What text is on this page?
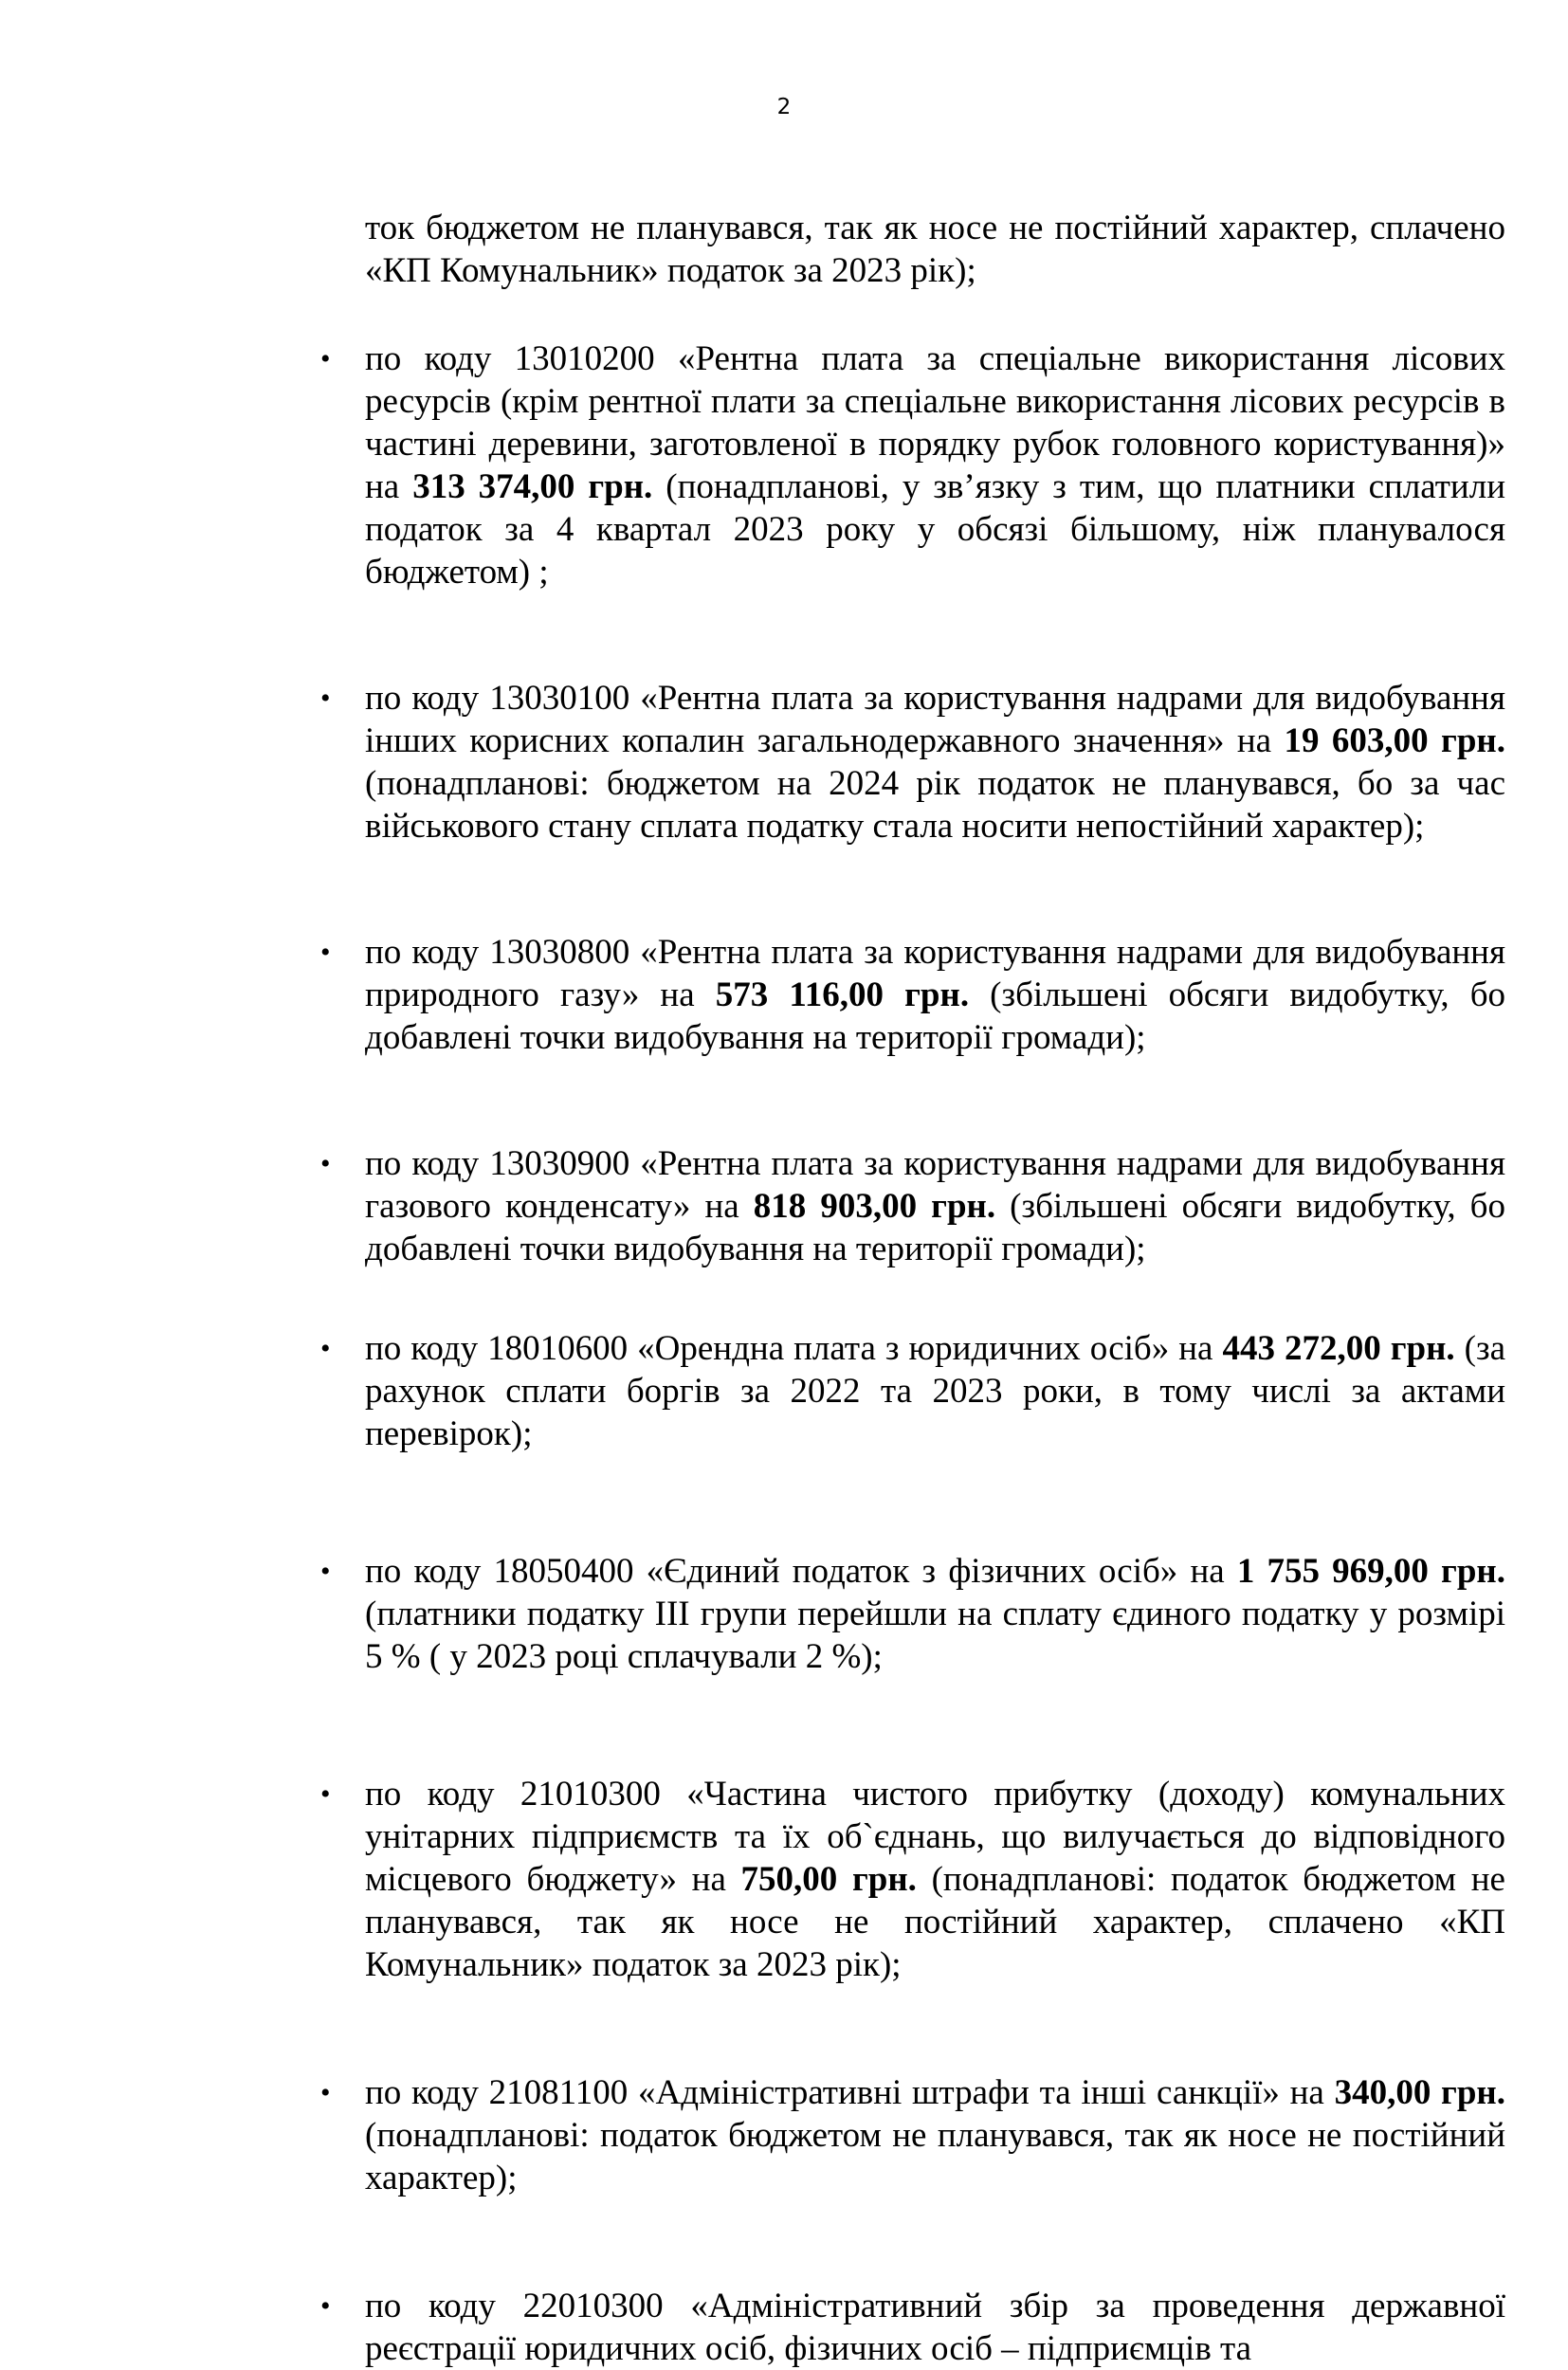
2
ток бюджетом не планувався, так як носе не постійний характер, сплачено «КП Комунальник» податок за 2023 рік);
• по коду 13010200 «Рентна плата за спеціальне використання лісових ресурсів (крім рентної плати за спеціальне використання лісових ресурсів в частині деревини, заготовленої в порядку рубок головного користування)» на 313 374,00 грн. (понадпланові, у зв’язку з тим, що платники сплатили податок за 4 квартал 2023 року у обсязі більшому, ніж планувалося бюджетом) ;
• по коду 13030100 «Рентна плата за користування надрами для видобування інших корисних копалин загальнодержавного значення» на 19 603,00 грн. (понадпланові: бюджетом на 2024 рік податок не планувався, бо за час військового стану сплата податку стала носити непостійний характер);
• по коду 13030800 «Рентна плата за користування надрами для видобування природного газу» на 573 116,00 грн. (збільшені обсяги видобутку, бо добавлені точки видобування на території громади);
• по коду 13030900 «Рентна плата за користування надрами для видобування газового конденсату» на 818 903,00 грн. (збільшені обсяги видобутку, бо добавлені точки видобування на території громади);
• по коду 18010600 «Орендна плата з юридичних осіб» на 443 272,00 грн. (за рахунок сплати боргів за 2022 та 2023 роки, в тому числі за актами перевірок);
• по коду 18050400 «Єдиний податок з фізичних осіб» на 1 755 969,00 грн. (платники податку ІІІ групи перейшли на сплату єдиного податку у розмірі 5 % ( у 2023 році сплачували 2 %);
• по коду 21010300 «Частина чистого прибутку (доходу) комунальних унітарних підприємств та їх об`єднань, що вилучається до відповідного місцевого бюджету» на 750,00 грн. (понадпланові: податок бюджетом не планувався, так як носе не постійний характер, сплачено «КП Комунальник» податок за 2023 рік);
• по коду 21081100 «Адміністративні штрафи та інші санкції» на 340,00 грн. (понадпланові: податок бюджетом не планувався, так як носе не постійний характер);
• по коду 22010300 «Адміністративний збір за проведення державної реєстрації юридичних осіб, фізичних осіб – підприємців та
